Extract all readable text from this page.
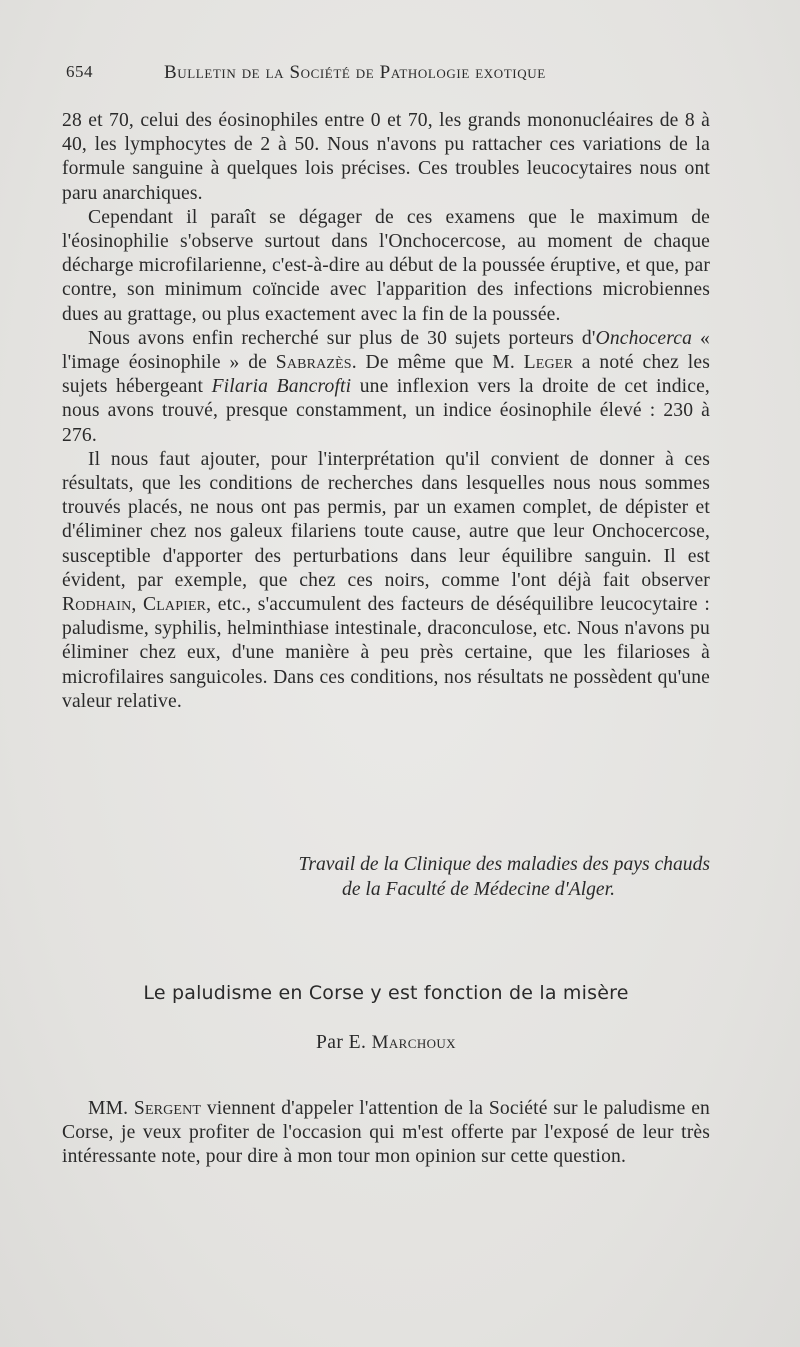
654	Bulletin de la Société de Pathologie exotique

28 et 70, celui des éosinophiles entre 0 et 70, les grands mononucléaires de 8 à 40, les lymphocytes de 2 à 50. Nous n'avons pu rattacher ces variations de la formule sanguine à quelques lois précises. Ces troubles leucocytaires nous ont paru anarchiques.

Cependant il paraît se dégager de ces examens que le maximum de l'éosinophilie s'observe surtout dans l'Onchocercose, au moment de chaque décharge microfilarienne, c'est-à-dire au début de la poussée éruptive, et que, par contre, son minimum coïncide avec l'apparition des infections microbiennes dues au grattage, ou plus exactement avec la fin de la poussée.

Nous avons enfin recherché sur plus de 30 sujets porteurs d'Onchocerca « l'image éosinophile » de Sabrazès. De même que M. Leger a noté chez les sujets hébergeant Filaria Bancrofti une inflexion vers la droite de cet indice, nous avons trouvé, presque constamment, un indice éosinophile élevé : 230 à 276.

Il nous faut ajouter, pour l'interprétation qu'il convient de donner à ces résultats, que les conditions de recherches dans lesquelles nous nous sommes trouvés placés, ne nous ont pas permis, par un examen complet, de dépister et d'éliminer chez nos galeux filariens toute cause, autre que leur Onchocercose, susceptible d'apporter des perturbations dans leur équilibre sanguin. Il est évident, par exemple, que chez ces noirs, comme l'ont déjà fait observer Rodhain, Clapier, etc., s'accumulent des facteurs de déséquilibre leucocytaire : paludisme, syphilis, helminthiase intestinale, draconculose, etc. Nous n'avons pu éliminer chez eux, d'une manière à peu près certaine, que les filarioses à microfilaires sanguicoles. Dans ces conditions, nos résultats ne possèdent qu'une valeur relative.

Travail de la Clinique des maladies des pays chauds
de la Faculté de Médecine d'Alger.
Le paludisme en Corse y est fonction de la misère
Par E. Marchoux

MM. Sergent viennent d'appeler l'attention de la Société sur le paludisme en Corse, je veux profiter de l'occasion qui m'est offerte par l'exposé de leur très intéressante note, pour dire à mon tour mon opinion sur cette question.
